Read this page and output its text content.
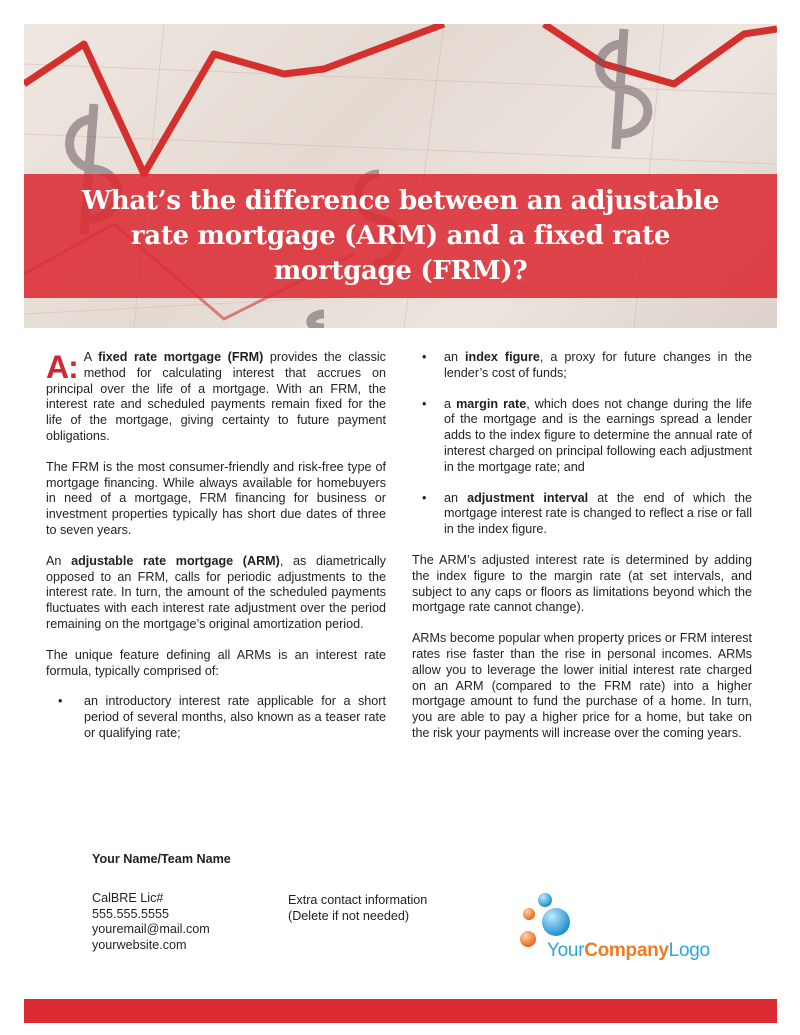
What’s the difference between an adjustable rate mortgage (ARM) and a fixed rate mortgage (FRM)?

A: A fixed rate mortgage (FRM) provides the classic method for calculating interest that accrues on principal over the life of a mortgage. With an FRM, the interest rate and scheduled payments remain fixed for the life of the mortgage, giving certainty to future payment obligations.

The FRM is the most consumer-friendly and risk-free type of mortgage financing. While always available for homebuyers in need of a mortgage, FRM financing for business or investment properties typically has short due dates of three to seven years.

An adjustable rate mortgage (ARM), as diametrically opposed to an FRM, calls for periodic adjustments to the interest rate. In turn, the amount of the scheduled payments fluctuates with each interest rate adjustment over the period remaining on the mortgage’s original amortization period.

The unique feature defining all ARMs is an interest rate formula, typically comprised of:

• an introductory interest rate applicable for a short period of several months, also known as a teaser rate or qualifying rate;
• an index figure, a proxy for future changes in the lender’s cost of funds;
• a margin rate, which does not change during the life of the mortgage and is the earnings spread a lender adds to the index figure to determine the annual rate of interest charged on principal following each adjustment in the mortgage rate; and
• an adjustment interval at the end of which the mortgage interest rate is changed to reflect a rise or fall in the index figure.

The ARM’s adjusted interest rate is determined by adding the index figure to the margin rate (at set intervals, and subject to any caps or floors as limitations beyond which the mortgage rate cannot change).

ARMs become popular when property prices or FRM interest rates rise faster than the rise in personal incomes. ARMs allow you to leverage the lower initial interest rate charged on an ARM (compared to the FRM rate) into a higher mortgage amount to fund the purchase of a home. In turn, you are able to pay a higher price for a home, but take on the risk your payments will increase over the coming years.

Your Name/Team Name
CalBRE Lic#
555.555.5555
youremail@mail.com
yourwebsite.com
Extra contact information
(Delete if not needed)
YourCompanyLogo
